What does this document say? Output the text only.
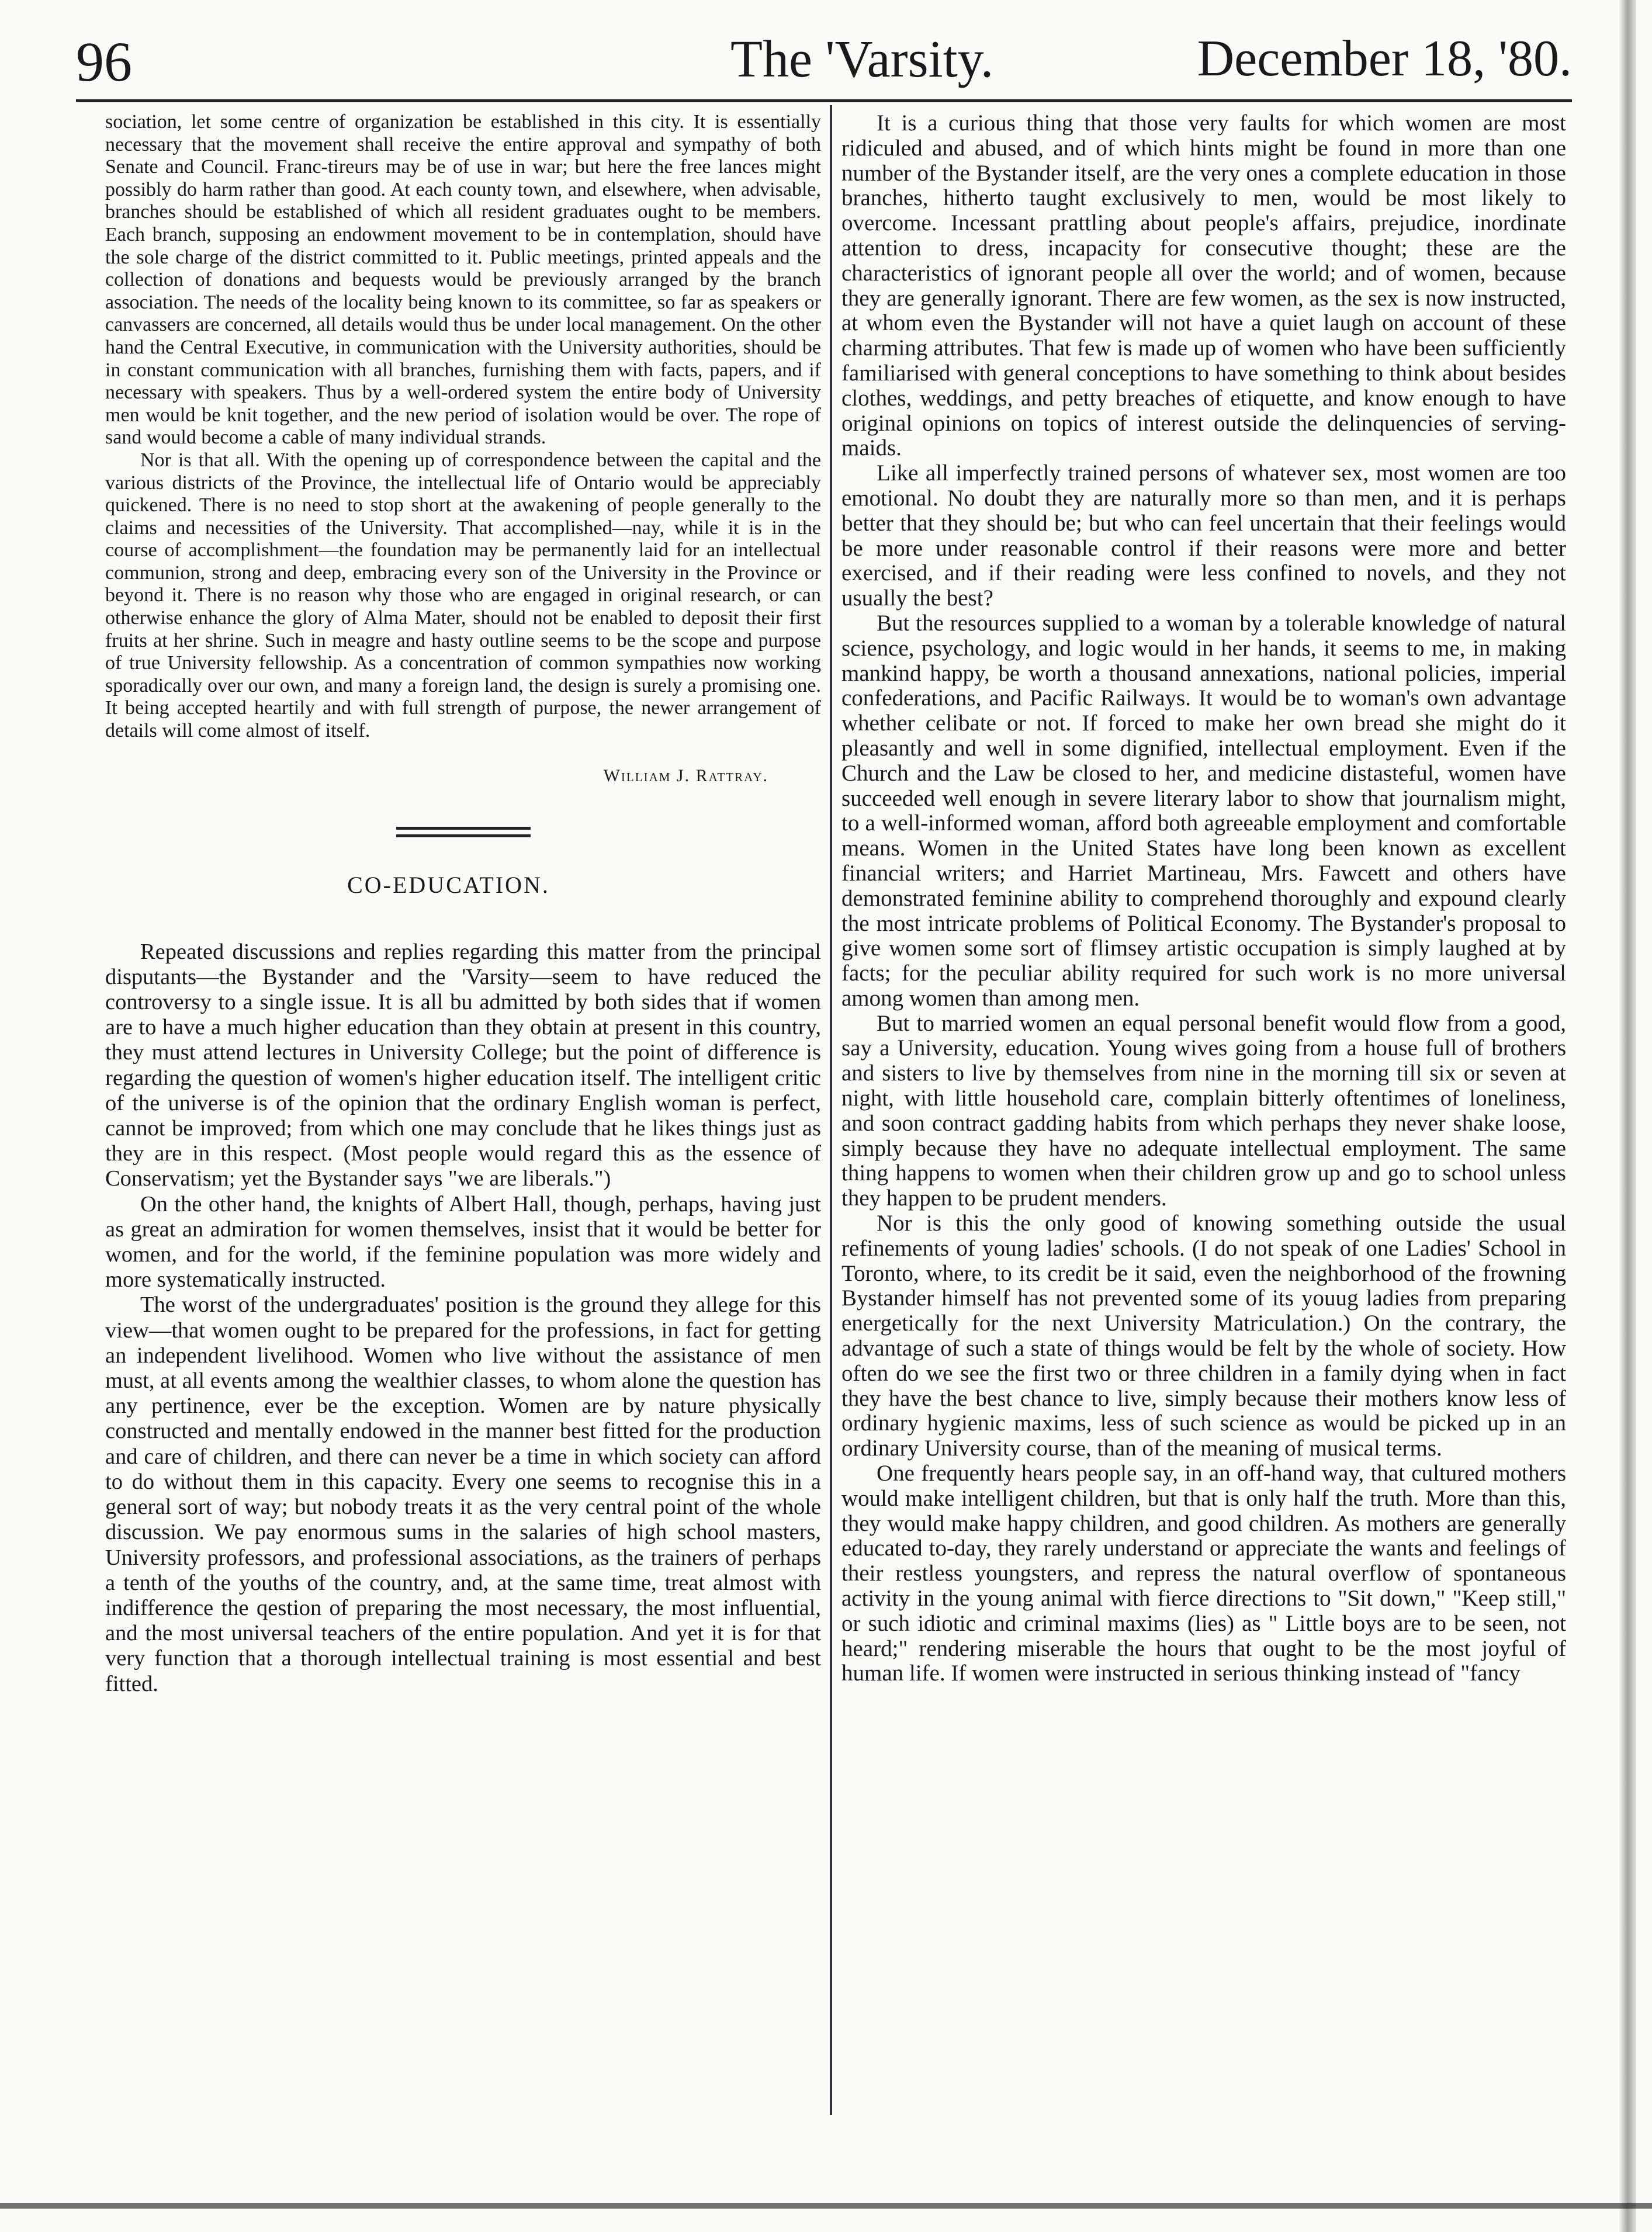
96	The 'Varsity.	December 18, '80.

sociation, let some centre of organization be established in this city. It is essentially necessary that the movement shall receive the entire approval and sympathy of both Senate and Council. Franc-tireurs may be of use in war; but here the free lances might possibly do harm rather than good. At each county town, and elsewhere, when advisable, branches should be established of which all resident graduates ought to be members. Each branch, supposing an endowment movement to be in contemplation, should have the sole charge of the district committed to it. Public meetings, printed appeals and the collection of donations and bequests would be previously arranged by the branch association. The needs of the locality being known to its committee, so far as speakers or canvassers are concerned, all details would thus be under local management. On the other hand the Central Executive, in communication with the University authorities, should be in constant communication with all branches, furnishing them with facts, papers, and if necessary with speakers. Thus by a well-ordered system the entire body of University men would be knit together, and the new period of isolation would be over. The rope of sand would become a cable of many individual strands.

Nor is that all. With the opening up of correspondence between the capital and the various districts of the Province, the intellectual life of Ontario would be appreciably quickened. There is no need to stop short at the awakening of people generally to the claims and necessities of the University. That accomplished—nay, while it is in the course of accomplishment—the foundation may be permanently laid for an intellectual communion, strong and deep, embracing every son of the University in the Province or beyond it. There is no reason why those who are engaged in original research, or can otherwise enhance the glory of Alma Mater, should not be enabled to deposit their first fruits at her shrine. Such in meagre and hasty outline seems to be the scope and purpose of true University fellowship. As a concentration of common sympathies now working sporadically over our own, and many a foreign land, the design is surely a promising one. It being accepted heartily and with full strength of purpose, the newer arrangement of details will come almost of itself.

William J. Rattray.
CO-EDUCATION.

Repeated discussions and replies regarding this matter from the principal disputants—the Bystander and the 'Varsity—seem to have reduced the controversy to a single issue. It is all bu admitted by both sides that if women are to have a much higher education than they obtain at present in this country, they must attend lectures in University College; but the point of difference is regarding the question of women's higher education itself. The intelligent critic of the universe is of the opinion that the ordinary English woman is perfect, cannot be improved; from which one may conclude that he likes things just as they are in this respect. (Most people would regard this as the essence of Conservatism; yet the Bystander says "we are liberals.")

On the other hand, the knights of Albert Hall, though, perhaps, having just as great an admiration for women themselves, insist that it would be better for women, and for the world, if the feminine population was more widely and more systematically instructed.

The worst of the undergraduates' position is the ground they allege for this view—that women ought to be prepared for the professions, in fact for getting an independent livelihood. Women who live without the assistance of men must, at all events among the wealthier classes, to whom alone the question has any pertinence, ever be the exception. Women are by nature physically constructed and mentally endowed in the manner best fitted for the production and care of children, and there can never be a time in which society can afford to do without them in this capacity. Every one seems to recognise this in a general sort of way; but nobody treats it as the very central point of the whole discussion. We pay enormous sums in the salaries of high school masters, University professors, and professional associations, as the trainers of perhaps a tenth of the youths of the country, and, at the same time, treat almost with indifference the qestion of preparing the most necessary, the most influential, and the most universal teachers of the entire population. And yet it is for that very function that a thorough intellectual training is most essential and best fitted.

It is a curious thing that those very faults for which women are most ridiculed and abused, and of which hints might be found in more than one number of the Bystander itself, are the very ones a complete education in those branches, hitherto taught exclusively to men, would be most likely to overcome. Incessant prattling about people's affairs, prejudice, inordinate attention to dress, incapacity for consecutive thought; these are the characteristics of ignorant people all over the world; and of women, because they are generally ignorant. There are few women, as the sex is now instructed, at whom even the Bystander will not have a quiet laugh on account of these charming attributes. That few is made up of women who have been sufficiently familiarised with general conceptions to have something to think about besides clothes, weddings, and petty breaches of etiquette, and know enough to have original opinions on topics of interest outside the delinquencies of serving-maids.

Like all imperfectly trained persons of whatever sex, most women are too emotional. No doubt they are naturally more so than men, and it is perhaps better that they should be; but who can feel uncertain that their feelings would be more under reasonable control if their reasons were more and better exercised, and if their reading were less confined to novels, and they not usually the best?

But the resources supplied to a woman by a tolerable knowledge of natural science, psychology, and logic would in her hands, it seems to me, in making mankind happy, be worth a thousand annexations, national policies, imperial confederations, and Pacific Railways. It would be to woman's own advantage whether celibate or not. If forced to make her own bread she might do it pleasantly and well in some dignified, intellectual employment. Even if the Church and the Law be closed to her, and medicine distasteful, women have succeeded well enough in severe literary labor to show that journalism might, to a well-informed woman, afford both agreeable employment and comfortable means. Women in the United States have long been known as excellent financial writers; and Harriet Martineau, Mrs. Fawcett and others have demonstrated feminine ability to comprehend thoroughly and expound clearly the most intricate problems of Political Economy. The Bystander's proposal to give women some sort of flimsey artistic occupation is simply laughed at by facts; for the peculiar ability required for such work is no more universal among women than among men.

But to married women an equal personal benefit would flow from a good, say a University, education. Young wives going from a house full of brothers and sisters to live by themselves from nine in the morning till six or seven at night, with little household care, complain bitterly oftentimes of loneliness, and soon contract gadding habits from which perhaps they never shake loose, simply because they have no adequate intellectual employment. The same thing happens to women when their children grow up and go to school unless they happen to be prudent menders.

Nor is this the only good of knowing something outside the usual refinements of young ladies' schools. (I do not speak of one Ladies' School in Toronto, where, to its credit be it said, even the neighborhood of the frowning Bystander himself has not prevented some of its youug ladies from preparing energetically for the next University Matriculation.) On the contrary, the advantage of such a state of things would be felt by the whole of society. How often do we see the first two or three children in a family dying when in fact they have the best chance to live, simply because their mothers know less of ordinary hygienic maxims, less of such science as would be picked up in an ordinary University course, than of the meaning of musical terms.

One frequently hears people say, in an off-hand way, that cultured mothers would make intelligent children, but that is only half the truth. More than this, they would make happy children, and good children. As mothers are generally educated to-day, they rarely understand or appreciate the wants and feelings of their restless youngsters, and repress the natural overflow of spontaneous activity in the young animal with fierce directions to "Sit down," "Keep still," or such idiotic and criminal maxims (lies) as " Little boys are to be seen, not heard;" rendering miserable the hours that ought to be the most joyful of human life. If women were instructed in serious thinking instead of "fancy
